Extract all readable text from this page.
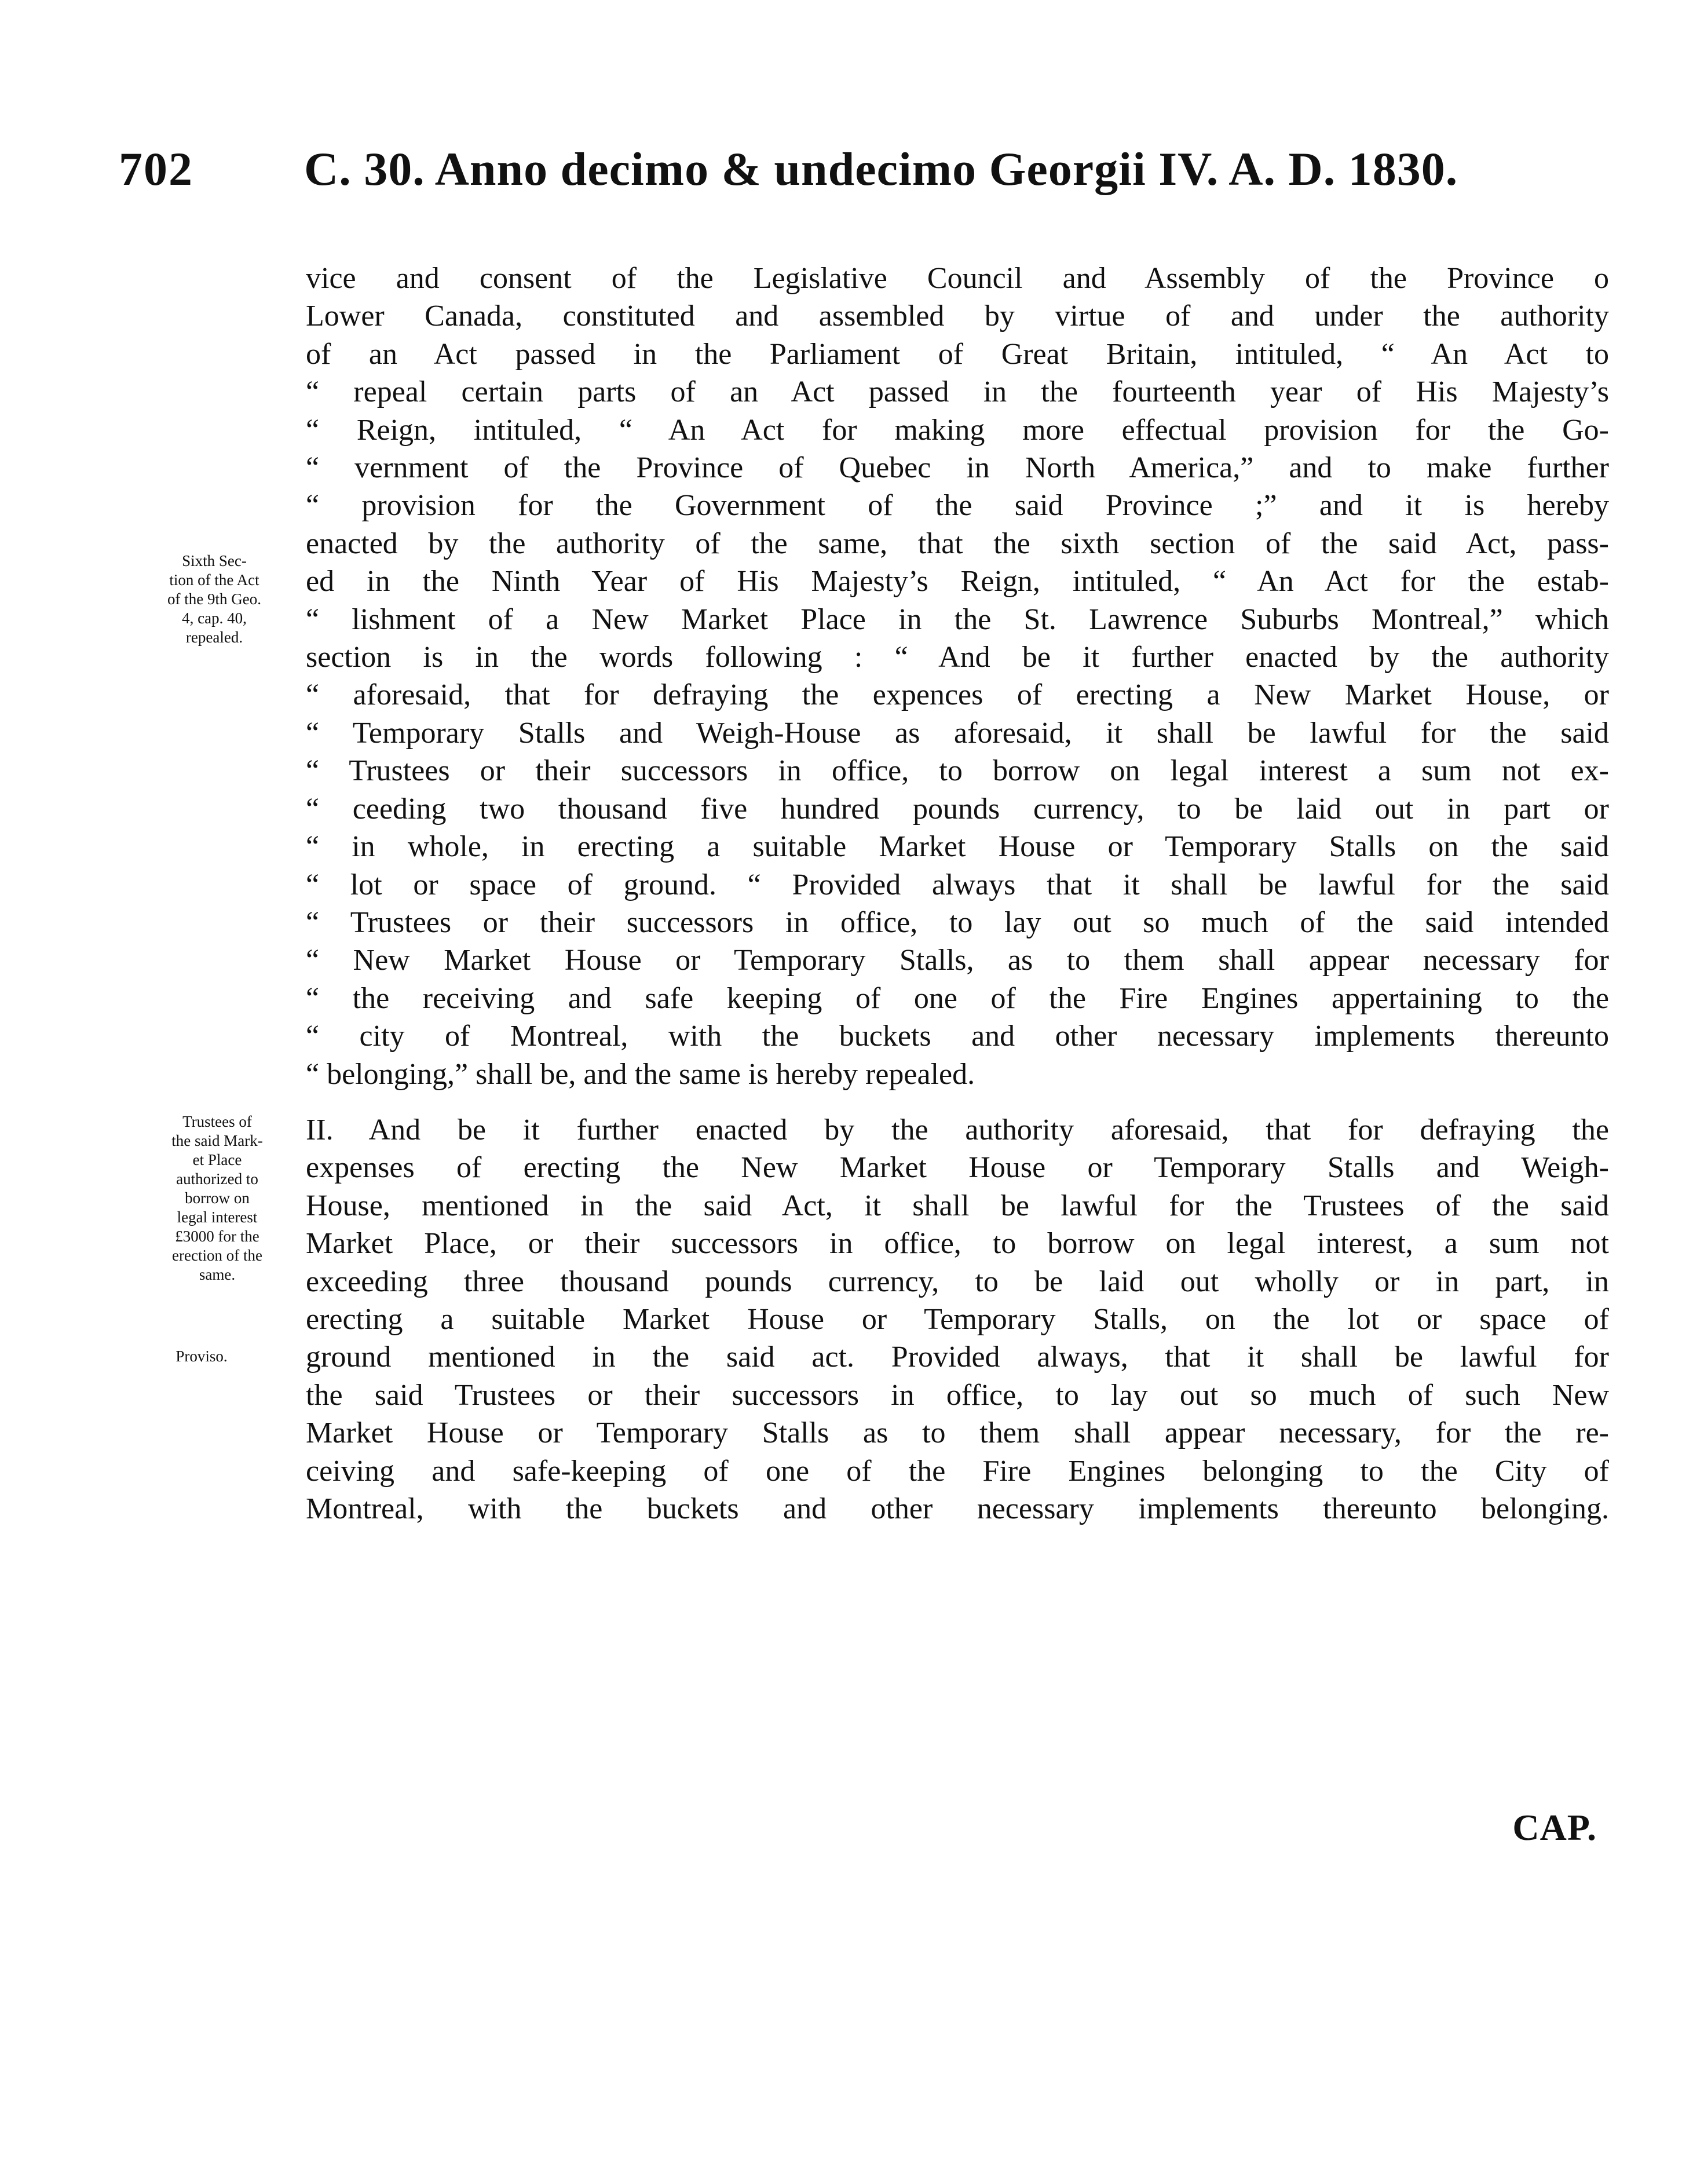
702 C. 30. Anno decimo & undecimo Georgii IV. A. D. 1830.
vice and consent of the Legislative Council and Assembly of the Province o
Lower Canada, constituted and assembled by virtue of and under the authority
of an Act passed in the Parliament of Great Britain, intituled, “ An Act to
“ repeal certain parts of an Act passed in the fourteenth year of His Majesty’s
“ Reign, intituled, “ An Act for making more effectual provision for the Go-
“ vernment of the Province of Quebec in North America,” and to make further
“ provision for the Government of the said Province ;” and it is hereby
enacted by the authority of the same, that the sixth section of the said Act, pass-
ed in the Ninth Year of His Majesty’s Reign, intituled, “ An Act for the estab-
“ lishment of a New Market Place in the St. Lawrence Suburbs Montreal,” which
section is in the words following : “ And be it further enacted by the authority
“ aforesaid, that for defraying the expences of erecting a New Market House, or
“ Temporary Stalls and Weigh-House as aforesaid, it shall be lawful for the said
“ Trustees or their successors in office, to borrow on legal interest a sum not ex-
“ ceeding two thousand five hundred pounds currency, to be laid out in part or
“ in whole, in erecting a suitable Market House or Temporary Stalls on the said
“ lot or space of ground. “ Provided always that it shall be lawful for the said
“ Trustees or their successors in office, to lay out so much of the said intended
“ New Market House or Temporary Stalls, as to them shall appear necessary for
“ the receiving and safe keeping of one of the Fire Engines appertaining to the
“ city of Montreal, with the buckets and other necessary implements thereunto
“ belonging,” shall be, and the same is hereby repealed.
Sixth Sec-
tion of the Act
of the 9th Geo.
4, cap. 40,
repealed.
II. And be it further enacted by the authority aforesaid, that for defraying the
expenses of erecting the New Market House or Temporary Stalls and Weigh-
House, mentioned in the said Act, it shall be lawful for the Trustees of the said
Market Place, or their successors in office, to borrow on legal interest, a sum not
exceeding three thousand pounds currency, to be laid out wholly or in part, in
erecting a suitable Market House or Temporary Stalls, on the lot or space of
ground mentioned in the said act. Provided always, that it shall be lawful for
the said Trustees or their successors in office, to lay out so much of such New
Market House or Temporary Stalls as to them shall appear necessary, for the re-
ceiving and safe-keeping of one of the Fire Engines belonging to the City of
Montreal, with the buckets and other necessary implements thereunto belonging.
Trustees of
the said Mark-
et Place
authorized to
borrow on
legal interest
£3000 for the
erection of the
same.
Proviso.
CAP.
